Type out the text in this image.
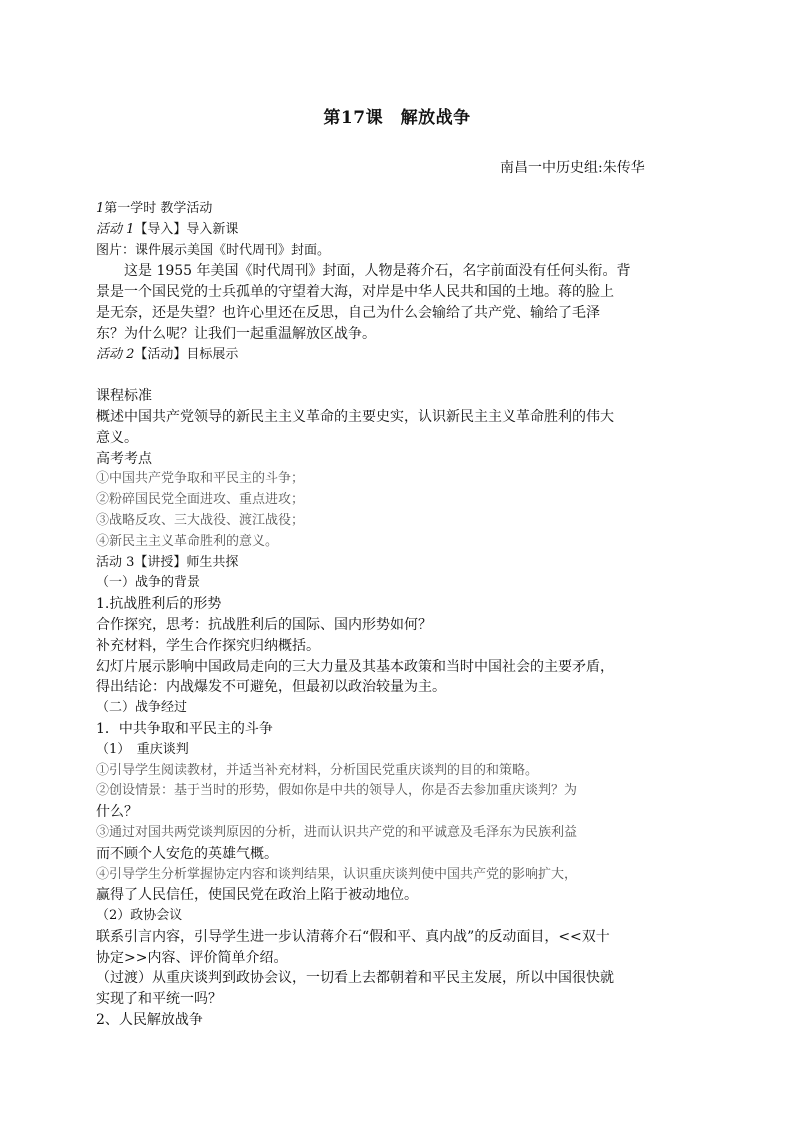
第17课　解放战争
南昌一中历史组:朱传华
1第一学时 教学活动
活动 1【导入】导入新课
图片：课件展示美国《时代周刊》封面。
这是 1955 年美国《时代周刊》封面，人物是蒋介石，名字前面没有任何头衔。背
景是一个国民党的士兵孤单的守望着大海，对岸是中华人民共和国的土地。蒋的脸上
是无奈，还是失望？也许心里还在反思，自己为什么会输给了共产党、输给了毛泽
东？为什么呢？让我们一起重温解放区战争。
活动 2【活动】目标展示
课程标准
概述中国共产党领导的新民主主义革命的主要史实，认识新民主主义革命胜利的伟大
意义。
高考考点
①中国共产党争取和平民主的斗争；
②粉碎国民党全面进攻、重点进攻；
③战略反攻、三大战役、渡江战役；
④新民主主义革命胜利的意义。
活动 3【讲授】师生共探
（一）战争的背景
1.抗战胜利后的形势
合作探究，思考：抗战胜利后的国际、国内形势如何？
补充材料，学生合作探究归纳概括。
幻灯片展示影响中国政局走向的三大力量及其基本政策和当时中国社会的主要矛盾，
得出结论：内战爆发不可避免，但最初以政治较量为主。
（二）战争经过
1．中共争取和平民主的斗争
（1）　重庆谈判
①引导学生阅读教材，并适当补充材料，分析国民党重庆谈判的目的和策略。
②创设情景：基于当时的形势，假如你是中共的领导人，你是否去参加重庆谈判？为
什么？
③通过对国共两党谈判原因的分析，进而认识共产党的和平诚意及毛泽东为民族利益
而不顾个人安危的英雄气概。
④引导学生分析掌握协定内容和谈判结果，认识重庆谈判使中国共产党的影响扩大，
赢得了人民信任，使国民党在政治上陷于被动地位。
（2）政协会议
联系引言内容，引导学生进一步认清蒋介石“假和平、真内战”的反动面目，<<双十
协定>>内容、评价简单介绍。
（过渡）从重庆谈判到政协会议，一切看上去都朝着和平民主发展，所以中国很快就
实现了和平统一吗？
2、人民解放战争
